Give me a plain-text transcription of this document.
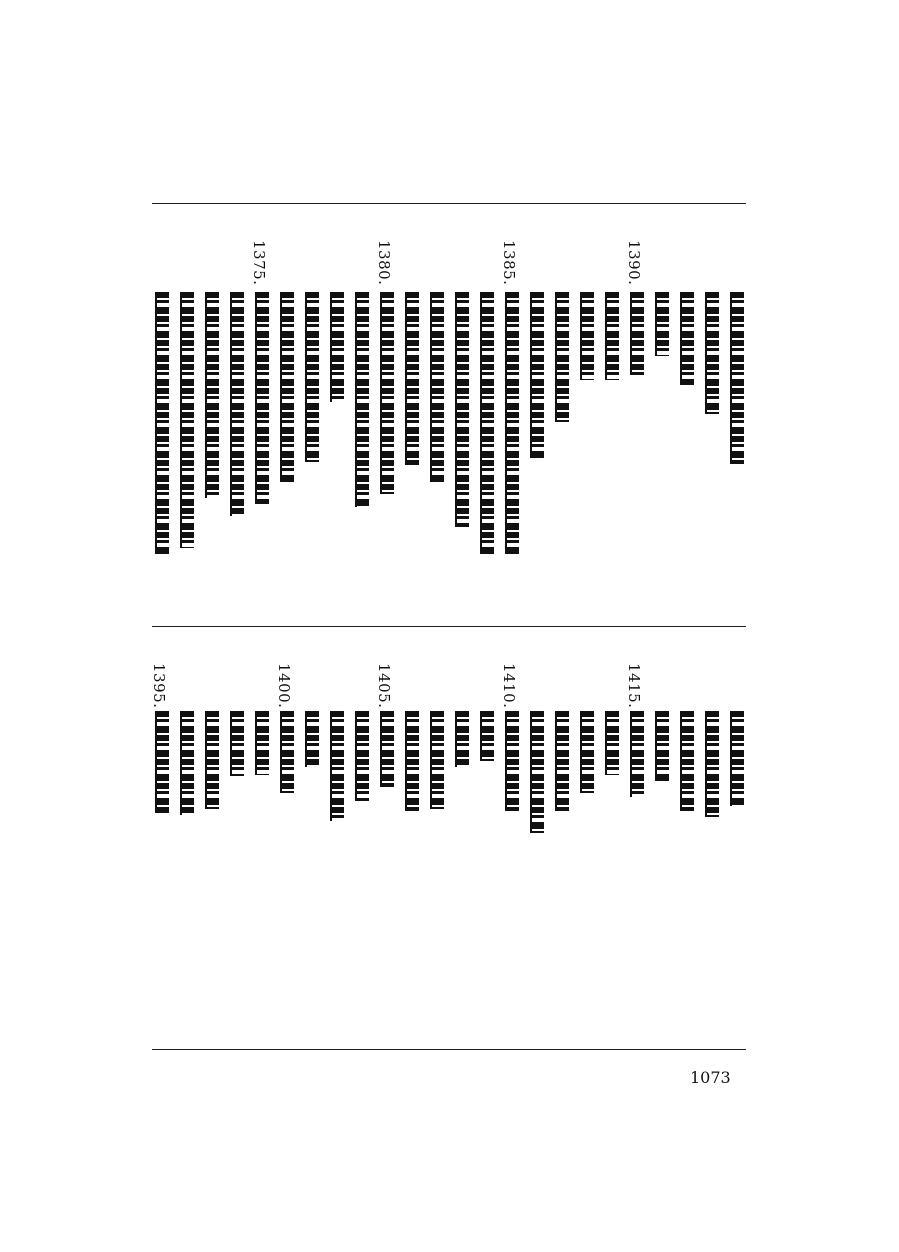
1390.
1385.
1380.
1375.
1415.
1410.
1405.
1400.
1395.
1073
